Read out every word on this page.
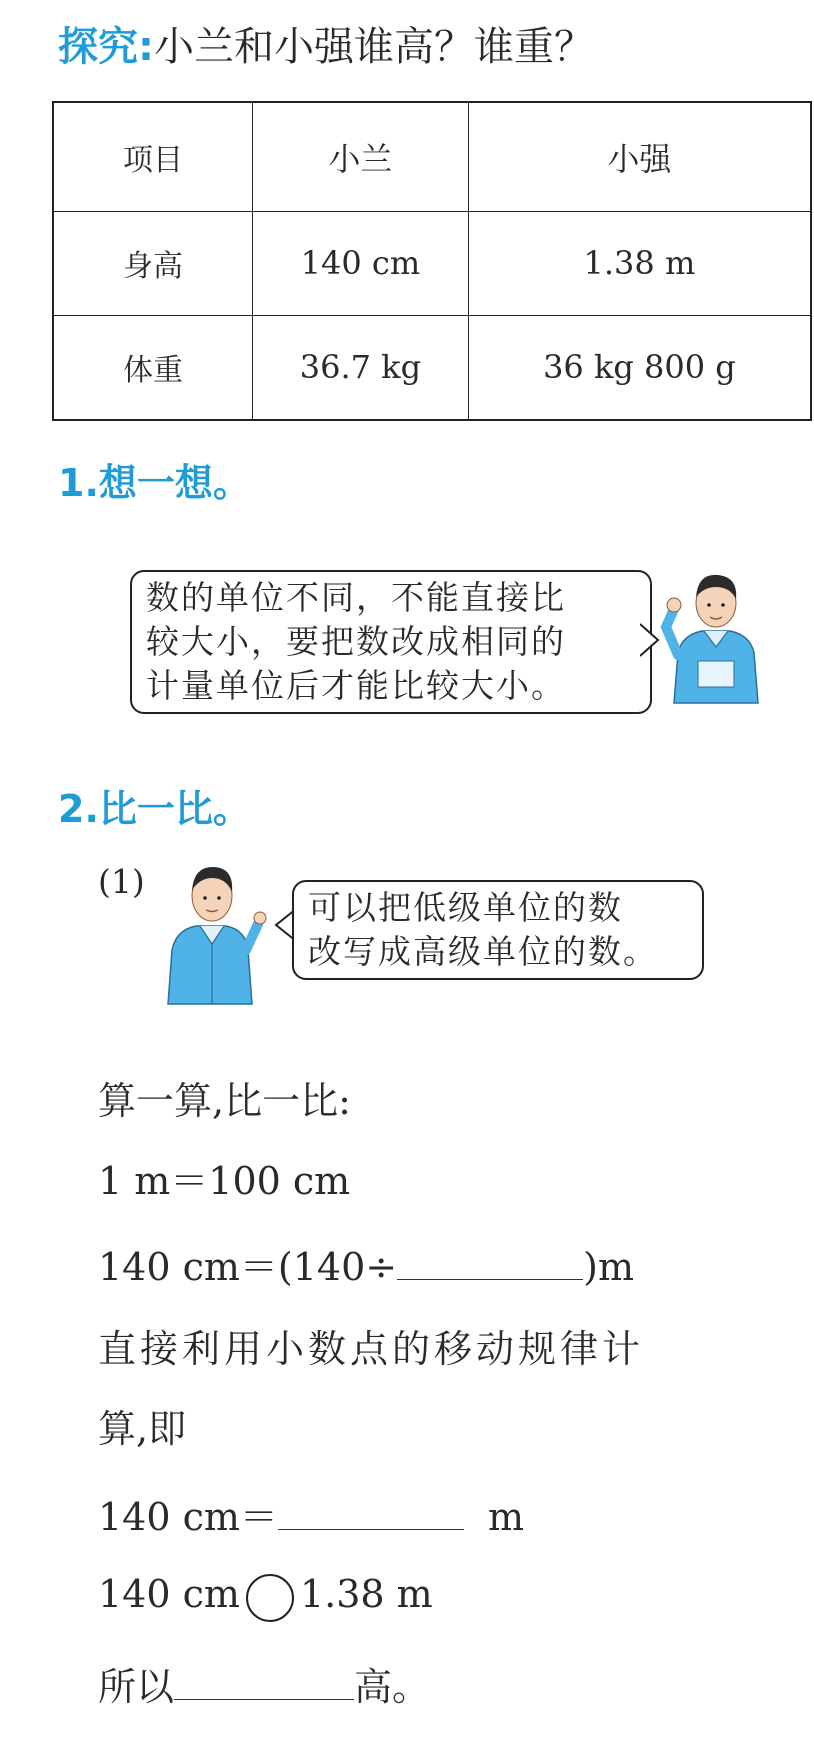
探究:小兰和小强谁高？谁重？
项目	小兰	小强
身高	140 cm	1.38 m
体重	36.7 kg	36 kg 800 g
1.想一想。
数的单位不同，不能直接比
较大小，要把数改成相同的
计量单位后才能比较大小。
2.比一比。
(1)
可以把低级单位的数
改写成高级单位的数。
算一算,比一比:
1 m＝100 cm
140 cm＝(140÷	)m
直接利用小数点的移动规律计
算,即
140 cm＝	m
140 cm 1.38 m
所以	高。
